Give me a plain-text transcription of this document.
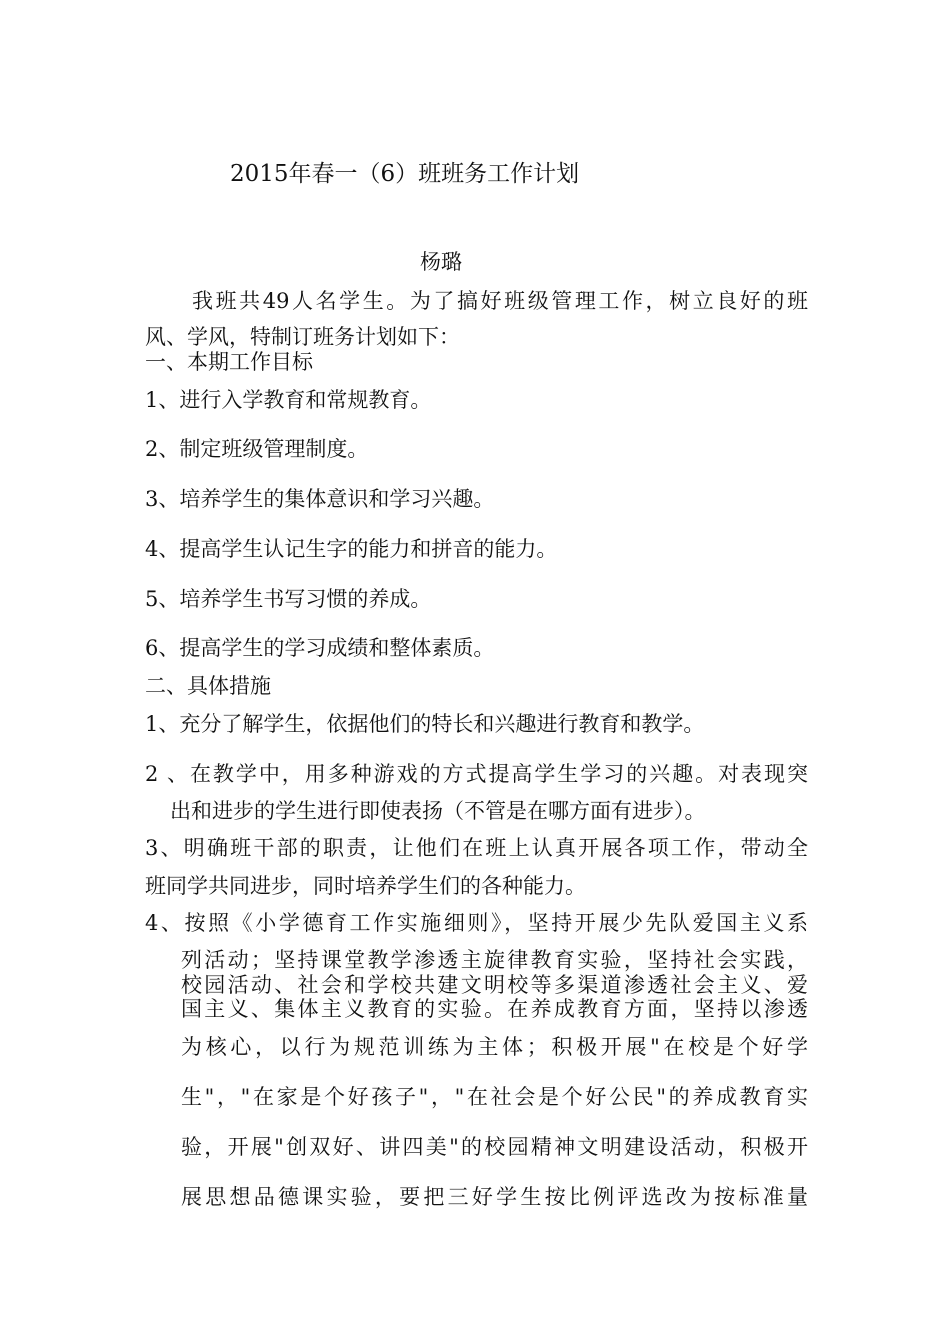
2015年春一（6）班班务工作计划
杨璐
我班共49人名学生。为了搞好班级管理工作，树立良好的班
风、学风，特制订班务计划如下：
一、本期工作目标
1、进行入学教育和常规教育。
2、制定班级管理制度。
3、培养学生的集体意识和学习兴趣。
4、提高学生认记生字的能力和拼音的能力。
5、培养学生书写习惯的养成。
6、提高学生的学习成绩和整体素质。
二、具体措施
1、充分了解学生，依据他们的特长和兴趣进行教育和教学。
2 、在教学中，用多种游戏的方式提高学生学习的兴趣。对表现突
出和进步的学生进行即使表扬（不管是在哪方面有进步）。
3、明确班干部的职责，让他们在班上认真开展各项工作，带动全
班同学共同进步，同时培养学生们的各种能力。
4、按照《小学德育工作实施细则》，坚持开展少先队爱国主义系
列活动；坚持课堂教学渗透主旋律教育实验，坚持社会实践，
校园活动、社会和学校共建文明校等多渠道渗透社会主义、爱
国主义、集体主义教育的实验。在养成教育方面，坚持以渗透
为核心，以行为规范训练为主体；积极开展"在校是个好学
生"，"在家是个好孩子"，"在社会是个好公民"的养成教育实
验，开展"创双好、讲四美"的校园精神文明建设活动，积极开
展思想品德课实验，要把三好学生按比例评选改为按标准量
